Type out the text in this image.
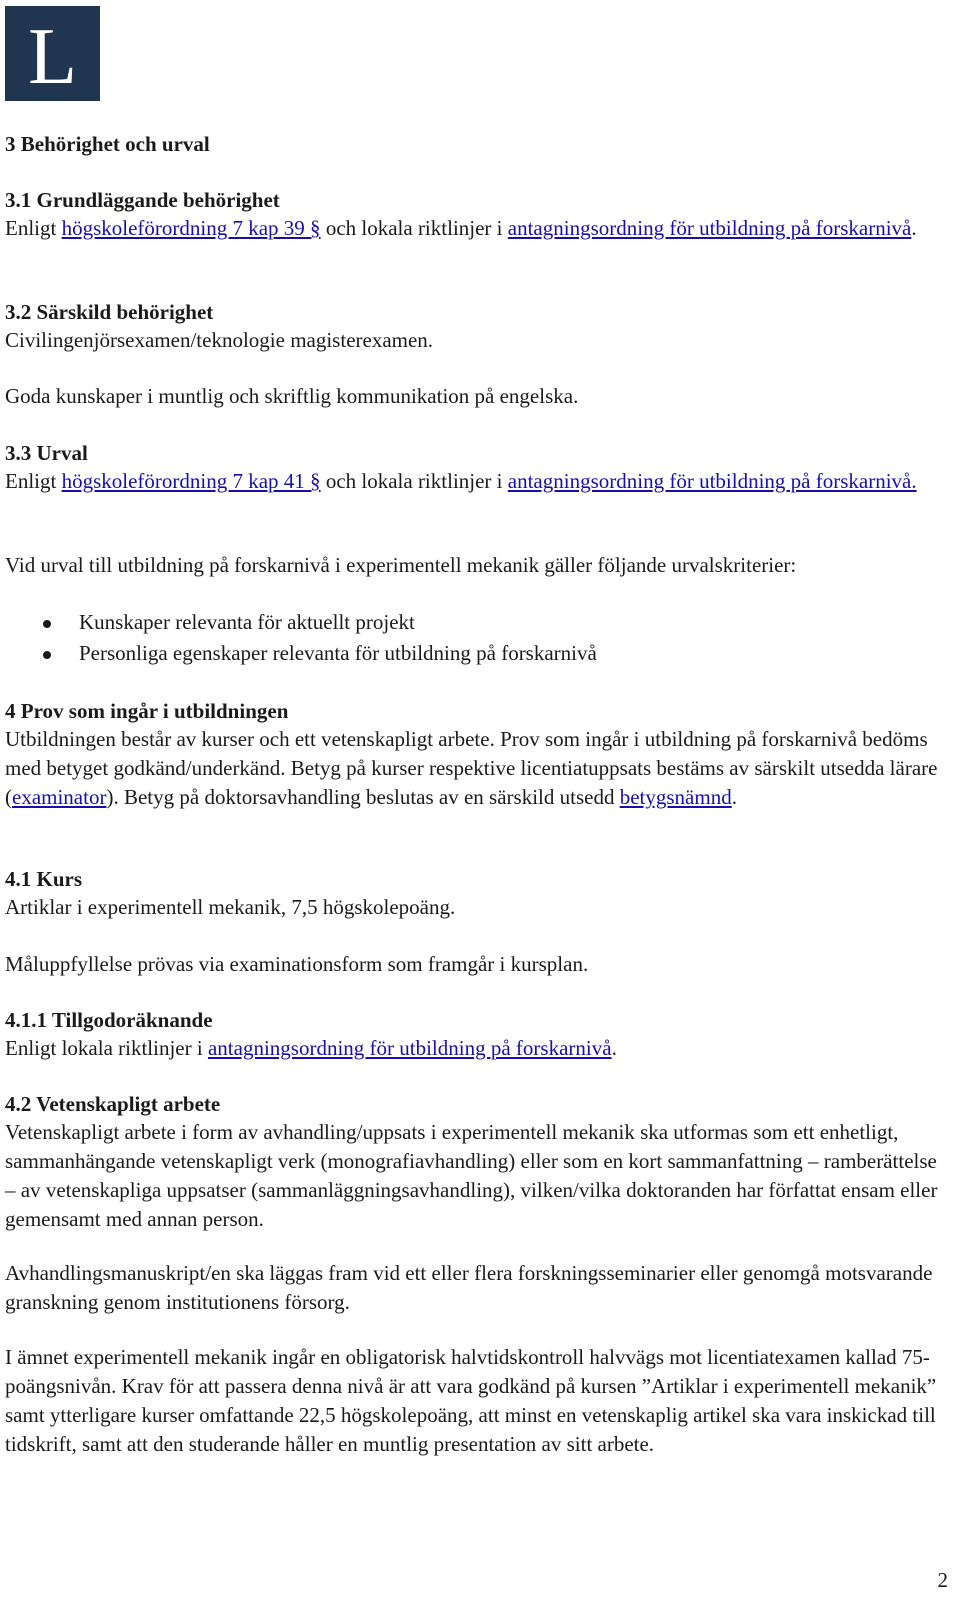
L
3 Behörighet och urval
3.1 Grundläggande behörighet

Enligt högskoleförordning 7 kap 39 § och lokala riktlinjer i antagningsordning för utbildning på forskarnivå.

3.2 Särskild behörighet

Civilingenjörsexamen/teknologie magisterexamen.

Goda kunskaper i muntlig och skriftlig kommunikation på engelska.

3.3 Urval

Enligt högskoleförordning 7 kap 41 § och lokala riktlinjer i antagningsordning för utbildning på forskarnivå.

Vid urval till utbildning på forskarnivå i experimentell mekanik gäller följande urvalskriterier:

Kunskaper relevanta för aktuellt projekt
Personliga egenskaper relevanta för utbildning på forskarnivå
4 Prov som ingår i utbildningen

Utbildningen består av kurser och ett vetenskapligt arbete. Prov som ingår i utbildning på forskarnivå bedöms med betyget godkänd/underkänd. Betyg på kurser respektive licentiatuppsats bestäms av särskilt utsedda lärare (examinator). Betyg på doktorsavhandling beslutas av en särskild utsedd betygsnämnd.

4.1 Kurs

Artiklar i experimentell mekanik, 7,5 högskolepoäng.

Måluppfyllelse prövas via examinationsform som framgår i kursplan.

4.1.1 Tillgodoräknande

Enligt lokala riktlinjer i antagningsordning för utbildning på forskarnivå.

4.2 Vetenskapligt arbete

Vetenskapligt arbete i form av avhandling/uppsats i experimentell mekanik ska utformas som ett enhetligt, sammanhängande vetenskapligt verk (monografiavhandling) eller som en kort sammanfattning – ramberättelse – av vetenskapliga uppsatser (sammanläggningsavhandling), vilken/vilka doktoranden har författat ensam eller gemensamt med annan person.

Avhandlingsmanuskript/en ska läggas fram vid ett eller flera forskningsseminarier eller genomgå motsvarande granskning genom institutionens försorg.

I ämnet experimentell mekanik ingår en obligatorisk halvtidskontroll halvvägs mot licentiatexamen kallad 75-poängsnivån. Krav för att passera denna nivå är att vara godkänd på kursen ”Artiklar i experimentell mekanik” samt ytterligare kurser omfattande 22,5 högskolepoäng, att minst en vetenskaplig artikel ska vara inskickad till tidskrift, samt att den studerande håller en muntlig presentation av sitt arbete.

2
